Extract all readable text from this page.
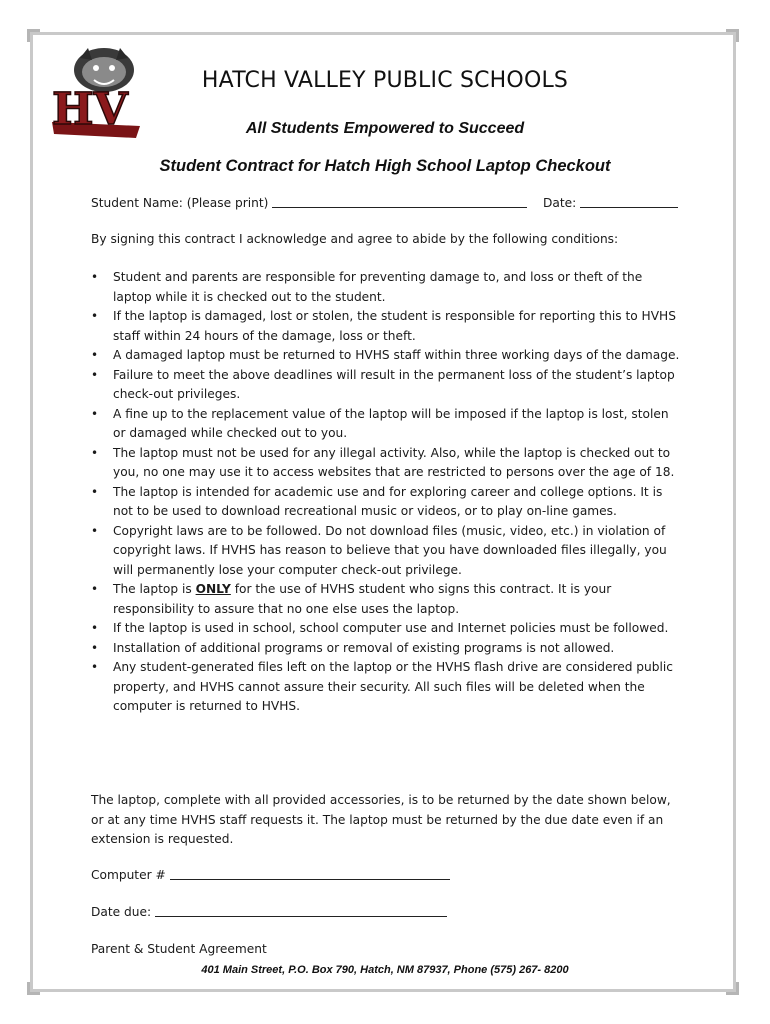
HV
HATCH VALLEY PUBLIC SCHOOLS
All Students Empowered to Succeed
Student Contract for Hatch High School Laptop Checkout
Student Name: (Please print)	Date:
By signing this contract I acknowledge and agree to abide by the following conditions:
• Student and parents are responsible for preventing damage to, and loss or theft of the laptop while it is checked out to the student.
• If the laptop is damaged, lost or stolen, the student is responsible for reporting this to HVHS staff within 24 hours of the damage, loss or theft.
• A damaged laptop must be returned to HVHS staff within three working days of the damage.
• Failure to meet the above deadlines will result in the permanent loss of the student’s laptop check-out privileges.
• A fine up to the replacement value of the laptop will be imposed if the laptop is lost, stolen or damaged while checked out to you.
• The laptop must not be used for any illegal activity. Also, while the laptop is checked out to you, no one may use it to access websites that are restricted to persons over the age of 18.
• The laptop is intended for academic use and for exploring career and college options. It is not to be used to download recreational music or videos, or to play on-line games.
• Copyright laws are to be followed. Do not download files (music, video, etc.) in violation of copyright laws. If HVHS has reason to believe that you have downloaded files illegally, you
will permanently lose your computer check-out privilege.
• The laptop is ONLY for the use of HVHS student who signs this contract. It is your responsibility to assure that no one else uses the laptop.
• If the laptop is used in school, school computer use and Internet policies must be followed.
• Installation of additional programs or removal of existing programs is not allowed.
• Any student-generated files left on the laptop or the HVHS flash drive are considered public property, and HVHS cannot assure their security. All such files will be deleted when the computer is returned to HVHS.
The laptop, complete with all provided accessories, is to be returned by the date shown below, or at any time HVHS staff requests it. The laptop must be returned by the due date even if an extension is requested.
Computer #
Date due:
Parent & Student Agreement
401 Main Street, P.O. Box 790, Hatch, NM 87937, Phone (575) 267- 8200
